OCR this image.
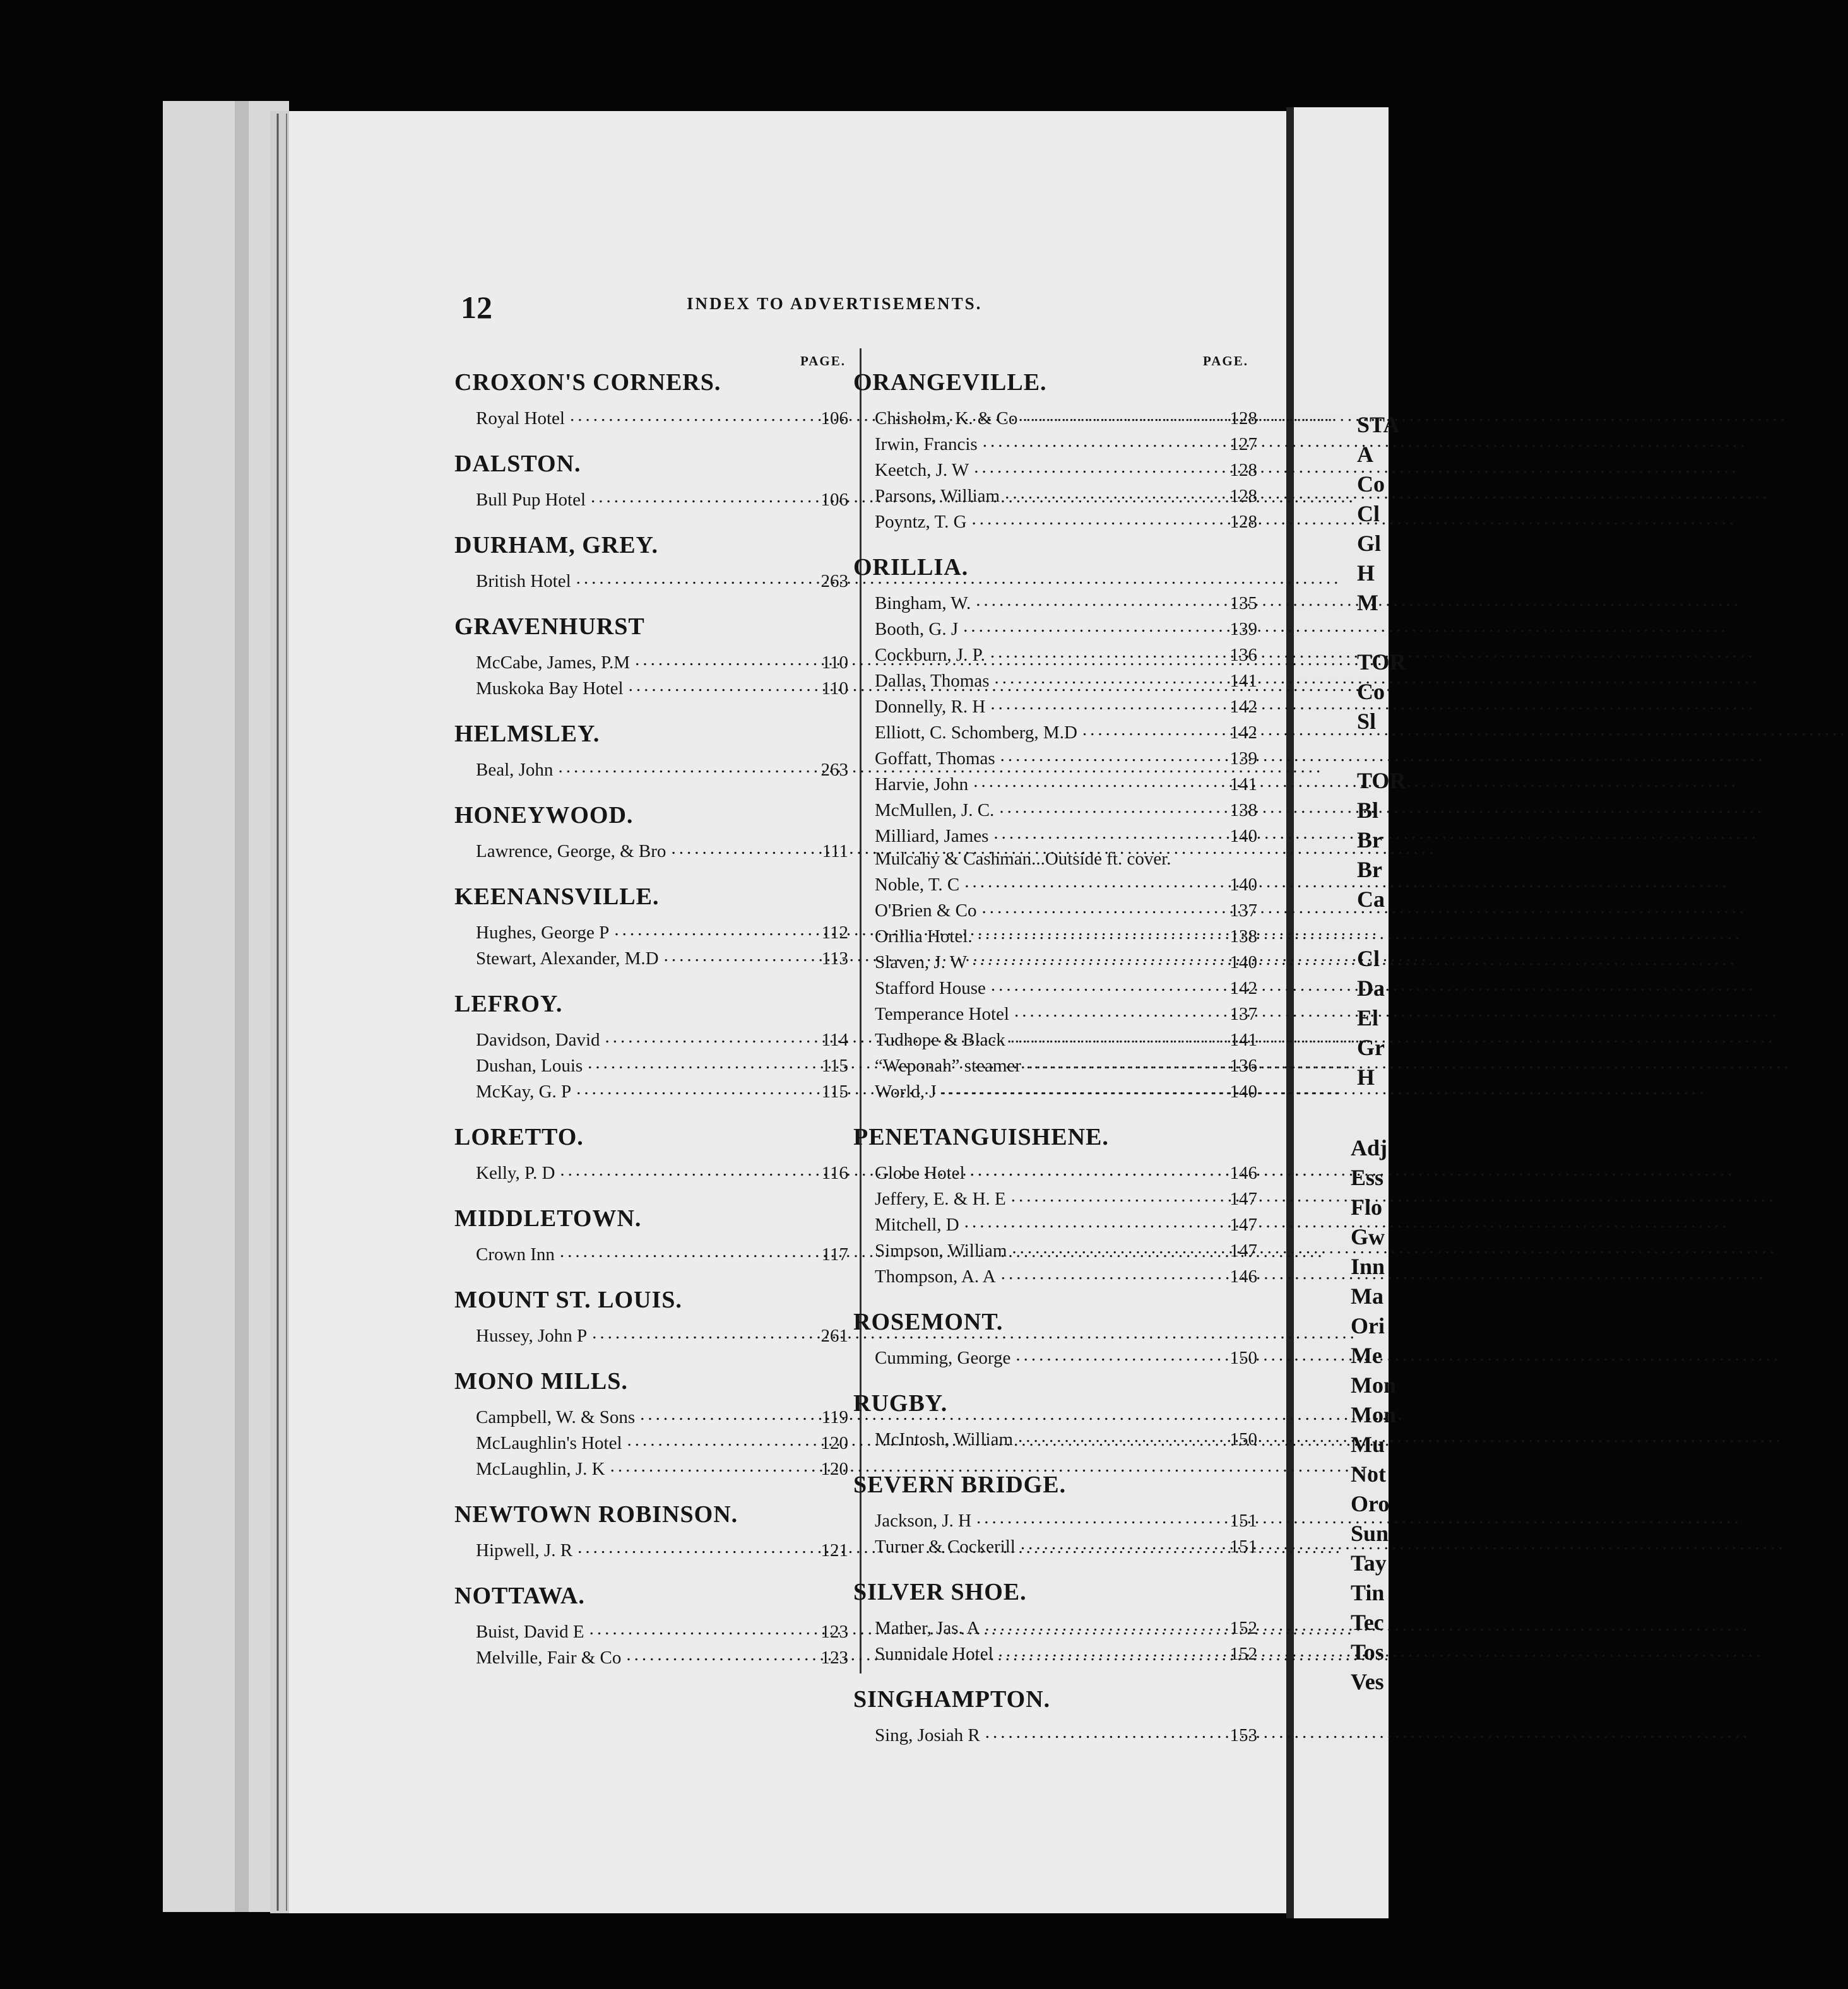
12	INDEX TO ADVERTISEMENTS.
PAGE.	PAGE.
CROXON'S CORNERS.
Royal Hotel .....	106
DALSTON.
Bull Pup Hotel .....	106
DURHAM, GREY.
British Hotel .....	263
GRAVENHURST
McCabe, James, P.M .....	110
Muskoka Bay Hotel .....	110
HELMSLEY.
Beal, John .....	263
HONEYWOOD.
Lawrence, George, & Bro .....	111
KEENANSVILLE.
Hughes, George P .....	112
Stewart, Alexander, M.D .....	113
LEFROY.
Davidson, David .....	114
Dushan, Louis .....	115
McKay, G. P .....	115
LORETTO.
Kelly, P. D .....	116
MIDDLETOWN.
Crown Inn .....	117
MOUNT ST. LOUIS.
Hussey, John P .....	261
MONO MILLS.
Campbell, W. & Sons .....	119
McLaughlin's Hotel .....	120
McLaughlin, J. K .....	120
NEWTOWN ROBINSON.
Hipwell, J. R .....	121
NOTTAWA.
Buist, David E .....	123
Melville, Fair & Co .....	123
ORANGEVILLE.
Chisholm, K. & Co .....	128
Irwin, Francis .....	127
Keetch, J. W .....	128
Parsons, William .....	128
Poyntz, T. G .....	128
ORILLIA.
Bingham, W. .....	135
Booth, G. J .....	139
Cockburn, J. P. .....	136
Dallas, Thomas .....	141
Donnelly, R. H .....	142
Elliott, C. Schomberg, M.D .....	142
Goffatt, Thomas .....	139
Harvie, John .....	141
McMullen, J. C. .....	138
Milliard, James .....	140
Mulcahy & Cashman...Outside ft. cover.
Noble, T. C .....	140
O'Brien & Co .....	137
Orillia Hotel. .....	138
Slaven, J. W .....	140
Stafford House .....	142
Temperance Hotel .....	137
Tudhope & Black .....	141
“Weponah” steamer .....	136
World, J .....	140
PENETANGUISHENE.
Globe Hotel .....	146
Jeffery, E. & H. E .....	147
Mitchell, D .....	147
Simpson, William .....	147
Thompson, A. A .....	146
ROSEMONT.
Cumming, George .....	150
RUGBY.
McIntosh, William .....	150
SEVERN BRIDGE.
Jackson, J. H .....	151
Turner & Cockerill .....	151
SILVER SHOE.
Mather, Jas. A .....	152
Sunnidale Hotel .....	152
SINGHAMPTON.
Sing, Josiah R .....	153
STA
A
Co
Cl
Gl
H
M

TOR
Co
Sl

TOR
Bl
Br
Br
Ca

Cl
Da
El
Gr
H
Adj
Ess
Flo
Gw
Inn
Ma
Ori
Me
Mon
Mon
Mu
Not
Oro
Sun
Tay
Tin
Tec
Tos
Ves
